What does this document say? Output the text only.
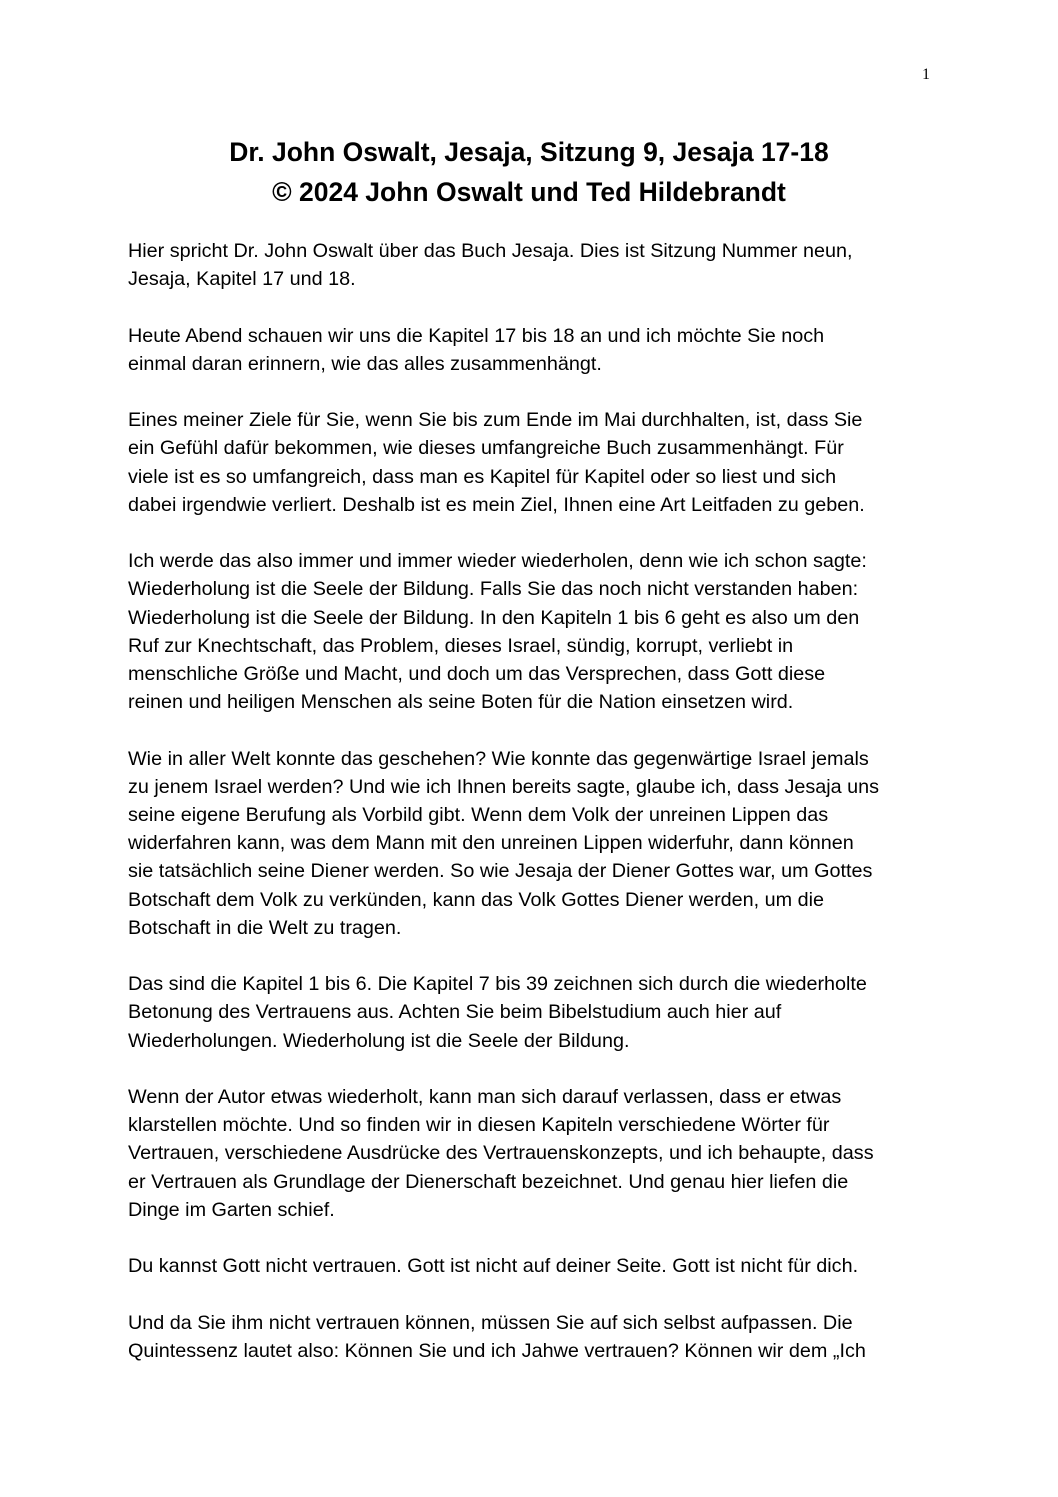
1
Dr. John Oswalt, Jesaja, Sitzung 9, Jesaja 17-18
© 2024 John Oswalt und Ted Hildebrandt

Hier spricht Dr. John Oswalt über das Buch Jesaja. Dies ist Sitzung Nummer neun,
Jesaja, Kapitel 17 und 18.

Heute Abend schauen wir uns die Kapitel 17 bis 18 an und ich möchte Sie noch
einmal daran erinnern, wie das alles zusammenhängt.

Eines meiner Ziele für Sie, wenn Sie bis zum Ende im Mai durchhalten, ist, dass Sie
ein Gefühl dafür bekommen, wie dieses umfangreiche Buch zusammenhängt. Für
viele ist es so umfangreich, dass man es Kapitel für Kapitel oder so liest und sich
dabei irgendwie verliert. Deshalb ist es mein Ziel, Ihnen eine Art Leitfaden zu geben.

Ich werde das also immer und immer wieder wiederholen, denn wie ich schon sagte:
Wiederholung ist die Seele der Bildung. Falls Sie das noch nicht verstanden haben:
Wiederholung ist die Seele der Bildung. In den Kapiteln 1 bis 6 geht es also um den
Ruf zur Knechtschaft, das Problem, dieses Israel, sündig, korrupt, verliebt in
menschliche Größe und Macht, und doch um das Versprechen, dass Gott diese
reinen und heiligen Menschen als seine Boten für die Nation einsetzen wird.

Wie in aller Welt konnte das geschehen? Wie konnte das gegenwärtige Israel jemals
zu jenem Israel werden? Und wie ich Ihnen bereits sagte, glaube ich, dass Jesaja uns
seine eigene Berufung als Vorbild gibt. Wenn dem Volk der unreinen Lippen das
widerfahren kann, was dem Mann mit den unreinen Lippen widerfuhr, dann können
sie tatsächlich seine Diener werden. So wie Jesaja der Diener Gottes war, um Gottes
Botschaft dem Volk zu verkünden, kann das Volk Gottes Diener werden, um die
Botschaft in die Welt zu tragen.

Das sind die Kapitel 1 bis 6. Die Kapitel 7 bis 39 zeichnen sich durch die wiederholte
Betonung des Vertrauens aus. Achten Sie beim Bibelstudium auch hier auf
Wiederholungen. Wiederholung ist die Seele der Bildung.

Wenn der Autor etwas wiederholt, kann man sich darauf verlassen, dass er etwas
klarstellen möchte. Und so finden wir in diesen Kapiteln verschiedene Wörter für
Vertrauen, verschiedene Ausdrücke des Vertrauenskonzepts, und ich behaupte, dass
er Vertrauen als Grundlage der Dienerschaft bezeichnet. Und genau hier liefen die
Dinge im Garten schief.

Du kannst Gott nicht vertrauen. Gott ist nicht auf deiner Seite. Gott ist nicht für dich.

Und da Sie ihm nicht vertrauen können, müssen Sie auf sich selbst aufpassen. Die
Quintessenz lautet also: Können Sie und ich Jahwe vertrauen? Können wir dem „Ich
